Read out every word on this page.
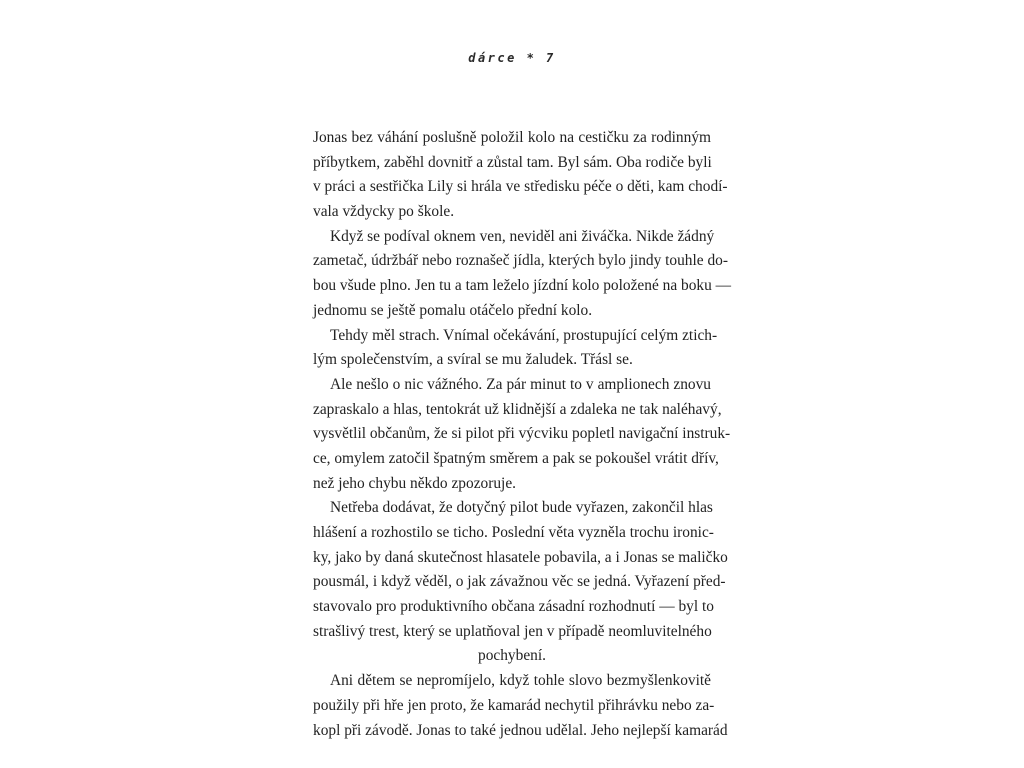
dárce * 7
Jonas bez váhání poslušně položil kolo na cestičku za rodinným
příbytkem, zaběhl dovnitř a zůstal tam. Byl sám. Oba rodiče byli
v práci a sestřička Lily si hrála ve středisku péče o děti, kam chodí-
vala vždycky po škole.
Když se podíval oknem ven, neviděl ani živáčka. Nikde žádný
zametač, údržbář nebo roznašeč jídla, kterých bylo jindy touhle do-
bou všude plno. Jen tu a tam leželo jízdní kolo položené na boku —
jednomu se ještě pomalu otáčelo přední kolo.
Tehdy měl strach. Vnímal očekávání, prostupující celým ztich-
lým společenstvím, a svíral se mu žaludek. Třásl se.
Ale nešlo o nic vážného. Za pár minut to v amplionech znovu
zapraskalo a hlas, tentokrát už klidnější a zdaleka ne tak naléhavý,
vysvětlil občanům, že si pilot při výcviku popletl navigační instruk-
ce, omylem zatočil špatným směrem a pak se pokoušel vrátit dřív,
než jeho chybu někdo zpozoruje.
Netřeba dodávat, že dotyčný pilot bude vyřazen, zakončil hlas
hlášení a rozhostilo se ticho. Poslední věta vyzněla trochu ironic-
ky, jako by daná skutečnost hlasatele pobavila, a i Jonas se maličko
pousmál, i když věděl, o jak závažnou věc se jedná. Vyřazení před-
stavovalo pro produktivního občana zásadní rozhodnutí — byl to
strašlivý trest, který se uplatňoval jen v případě neomluvitelného
pochybení.
Ani dětem se nepromíjelo, když tohle slovo bezmyšlenkovitě
použily při hře jen proto, že kamarád nechytil přihrávku nebo za-
kopl při závodě. Jonas to také jednou udělal. Jeho nejlepší kamarád
